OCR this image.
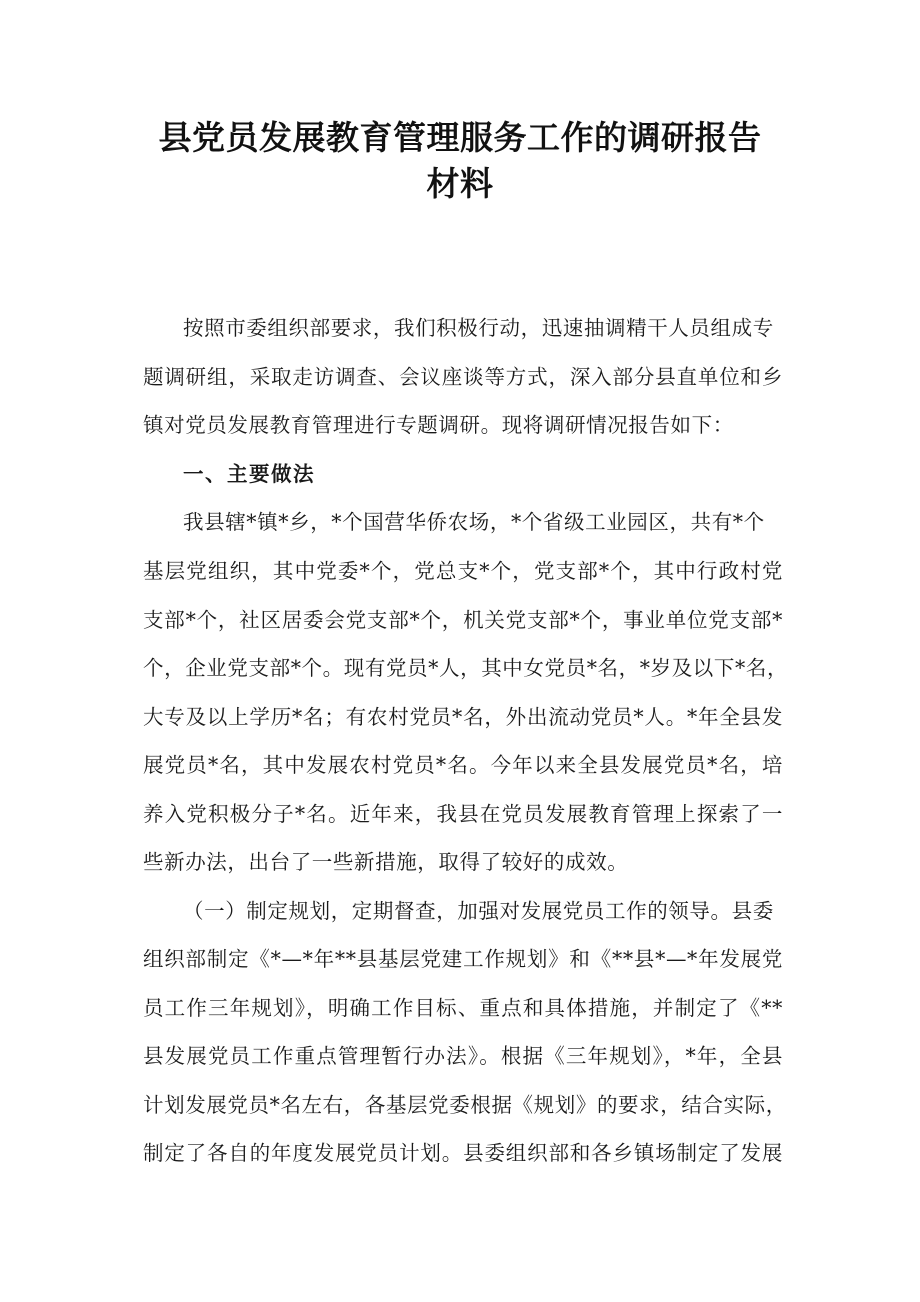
县党员发展教育管理服务工作的调研报告
材料
按照市委组织部要求，我们积极行动，迅速抽调精干人员组成专
题调研组，采取走访调查、会议座谈等方式，深入部分县直单位和乡
镇对党员发展教育管理进行专题调研。现将调研情况报告如下：
一、主要做法
我县辖*镇*乡，*个国营华侨农场，*个省级工业园区，共有*个
基层党组织，其中党委*个，党总支*个，党支部*个，其中行政村党
支部*个，社区居委会党支部*个，机关党支部*个，事业单位党支部*
个，企业党支部*个。现有党员*人，其中女党员*名，*岁及以下*名，
大专及以上学历*名；有农村党员*名，外出流动党员*人。*年全县发
展党员*名，其中发展农村党员*名。今年以来全县发展党员*名，培
养入党积极分子*名。近年来，我县在党员发展教育管理上探索了一
些新办法，出台了一些新措施，取得了较好的成效。
（一）制定规划，定期督查，加强对发展党员工作的领导。县委
组织部制定《*—*年**县基层党建工作规划》和《**县*—*年发展党
员工作三年规划》，明确工作目标、重点和具体措施，并制定了《**
县发展党员工作重点管理暂行办法》。根据《三年规划》，*年，全县
计划发展党员*名左右，各基层党委根据《规划》的要求，结合实际，
制定了各自的年度发展党员计划。县委组织部和各乡镇场制定了发展
